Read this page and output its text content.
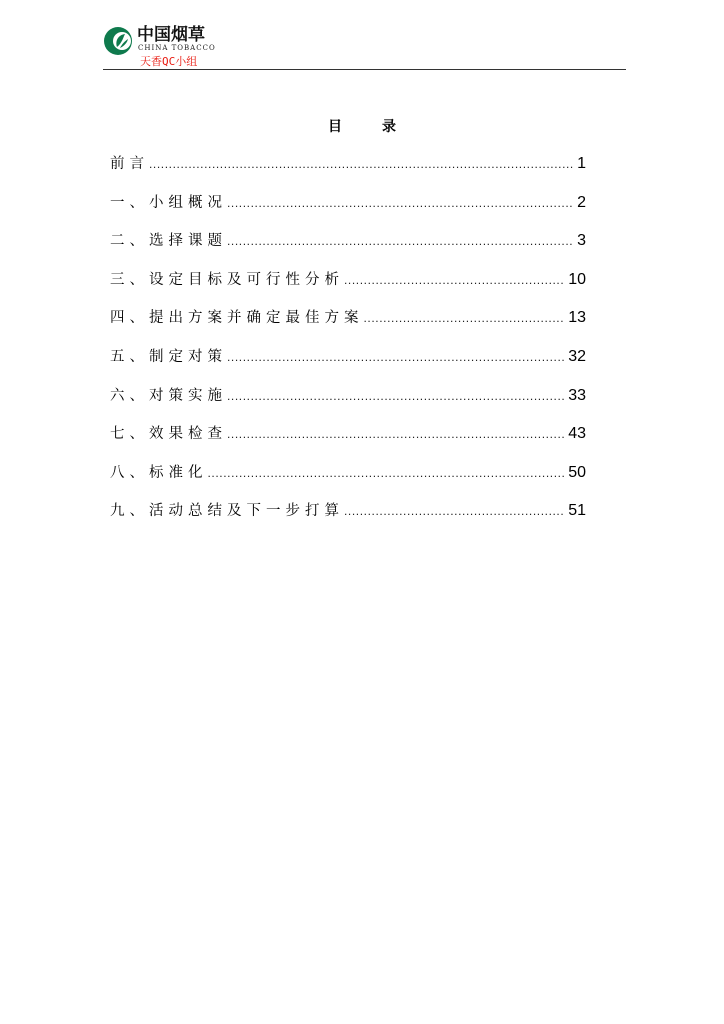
中国烟草
CHINA TOBACCO
天香QC小组
目录
前言 .....	1
一、小组概况 .....	2
二、选择课题 .....	3
三、设定目标及可行性分析 .....	10
四、提出方案并确定最佳方案 .....	13
五、制定对策 .....	32
六、对策实施 .....	33
七、效果检查 .....	43
八、标准化 .....	50
九、活动总结及下一步打算 .....	51
